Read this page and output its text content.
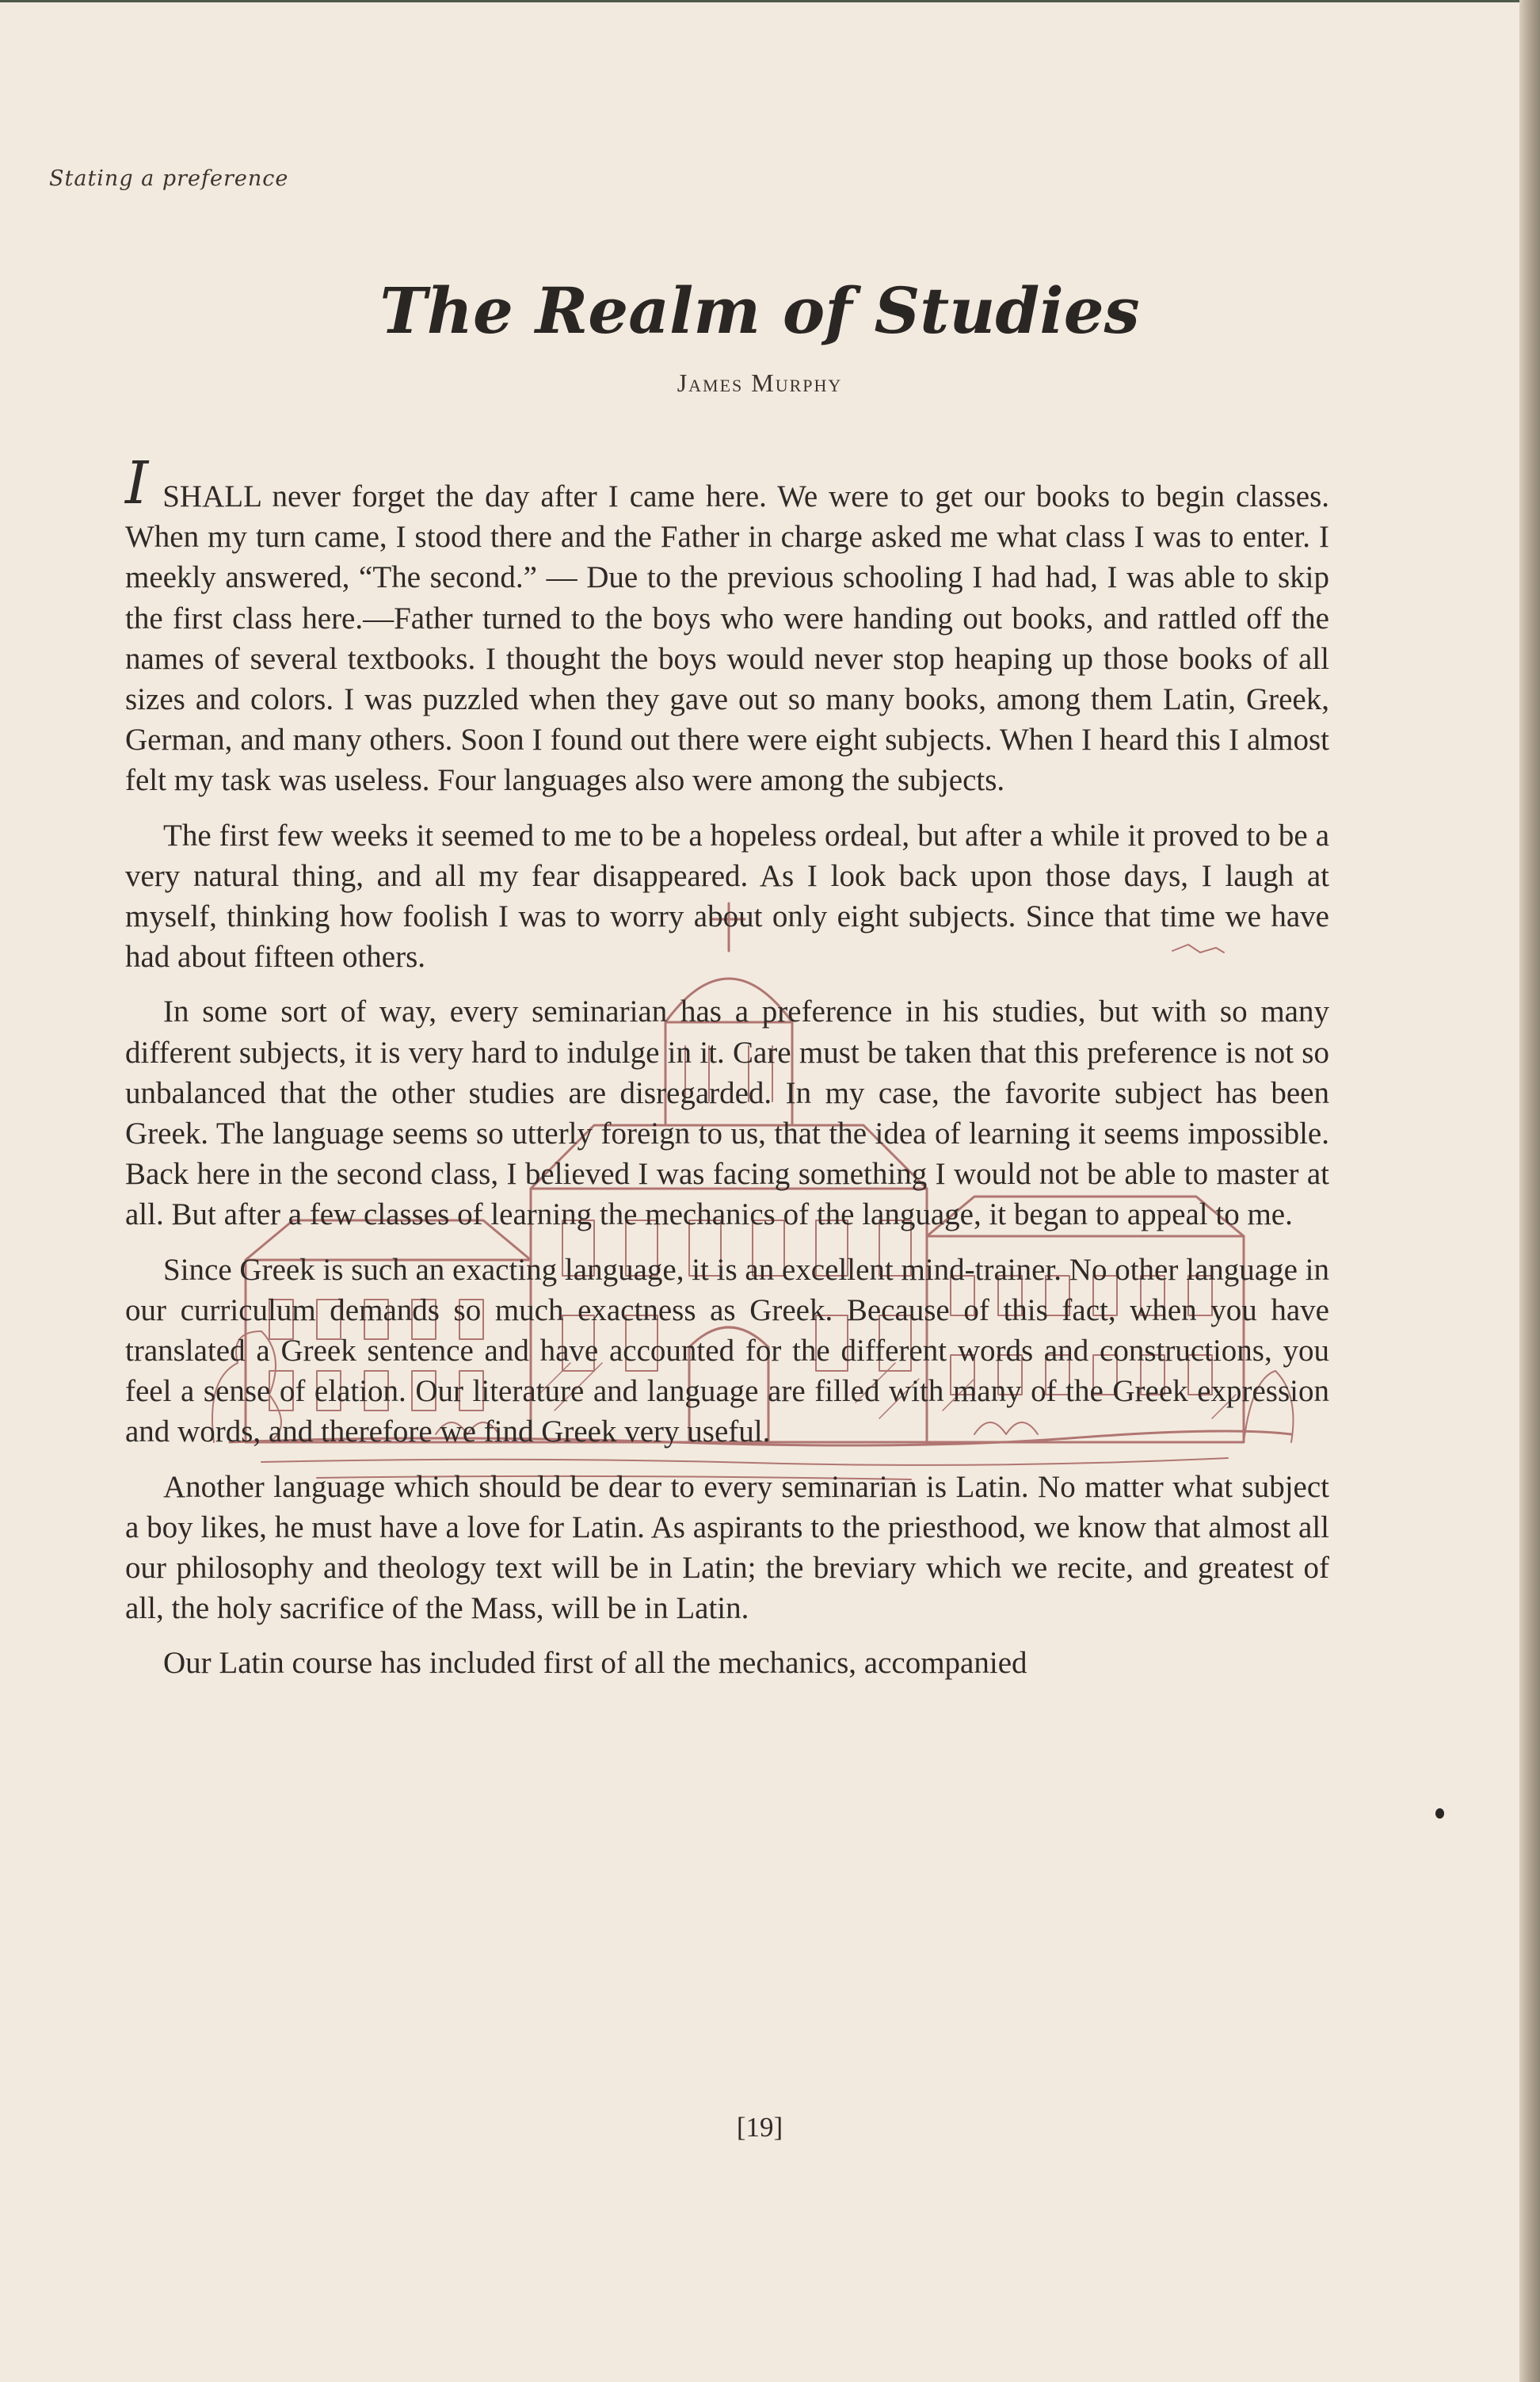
Stating a preference

The Realm of Studies

James Murphy

ISHALL never forget the day after I came here. We were to get our books to begin classes. When my turn came, I stood there and the Father in charge asked me what class I was to enter. I meekly answered, “The second.” — Due to the previous schooling I had had, I was able to skip the first class here.—Father turned to the boys who were handing out books, and rattled off the names of several textbooks. I thought the boys would never stop heaping up those books of all sizes and colors. I was puzzled when they gave out so many books, among them Latin, Greek, German, and many others. Soon I found out there were eight subjects. When I heard this I almost felt my task was useless. Four languages also were among the subjects.

The first few weeks it seemed to me to be a hopeless ordeal, but after a while it proved to be a very natural thing, and all my fear disappeared. As I look back upon those days, I laugh at myself, thinking how foolish I was to worry about only eight subjects. Since that time we have had about fifteen others.

In some sort of way, every seminarian has a preference in his studies, but with so many different subjects, it is very hard to indulge in it. Care must be taken that this preference is not so unbalanced that the other studies are disregarded. In my case, the favorite subject has been Greek. The language seems so utterly foreign to us, that the idea of learning it seems impossible. Back here in the second class, I believed I was facing something I would not be able to master at all. But after a few classes of learning the mechanics of the language, it began to appeal to me.

Since Greek is such an exacting language, it is an excellent mind-trainer. No other language in our curriculum demands so much exactness as Greek. Because of this fact, when you have translated a Greek sentence and have accounted for the different words and constructions, you feel a sense of elation. Our literature and language are filled with many of the Greek expression and words, and therefore we find Greek very useful.

Another language which should be dear to every seminarian is Latin. No matter what subject a boy likes, he must have a love for Latin. As aspirants to the priesthood, we know that almost all our philosophy and theology text will be in Latin; the breviary which we recite, and greatest of all, the holy sacrifice of the Mass, will be in Latin.

Our Latin course has included first of all the mechanics, accompanied

[19]
